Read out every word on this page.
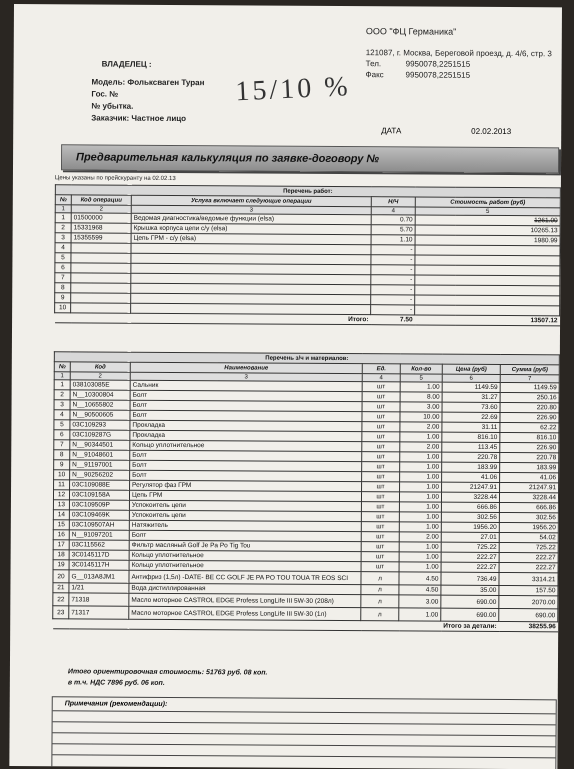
ООО "ФЦ Германика"
121087, г. Москва, Береговой проезд, д. 4/6, стр. 3
Тел.	9950078,2251515
Факс	9950078,2251515
ВЛАДЕЛЕЦ :
Модель: Фольксваген Туран
Гос. №
№ убытка.
Заказчик: Частное лицо
15/10 %
ДАТА	02.02.2013
Предварительная калькуляция по заявке-договору №
Цены указаны по прейскуранту на 02.02.13
Перечень работ:				
№	Код операции	Услуга включает следующие операции	Н/Ч	Стоимость работ (руб)
1	2	3	4	5
1	01500000	Ведомая диагностика/ведомые функции (elsa)	0.70	1261.00
2	15331968	Крышка корпуса цепи с/у (elsa)	5.70	10265.13
3	15355599	Цепь ГРМ - с/у (elsa)	1.10	1980.99
4			-	
5			-	
6			-	
7			-	
8			-	
9			-	
10			-	
Итого:			7.50	13507.12
Перечень з/ч и материалов:						
№	Код	Наименование	Ед.	Кол-во	Цена (руб)	Сумма (руб)
1	2	3	4	5	6	7
1	038103085E	Сальник	шт	1.00	1149.59	1149.59
2	N__10300804	Болт	шт	8.00	31.27	250.16
3	N__10655802	Болт	шт	3.00	73.60	220.80
4	N__90500605	Болт	шт	10.00	22.69	226.90
5	03C109293	Прокладка	шт	2.00	31.11	62.22
6	03C109287G	Прокладка	шт	1.00	816.10	816.10
7	N__90344501	Кольцо уплотнительное	шт	2.00	113.45	226.90
8	N__91048601	Болт	шт	1.00	220.78	220.78
9	N__91197001	Болт	шт	1.00	183.99	183.99
10	N__90256202	Болт	шт	1.00	41.06	41.06
11	03C109088E	Регулятор фаз ГРМ	шт	1.00	21247.91	21247.91
12	03C109158A	Цепь ГРМ	шт	1.00	3228.44	3228.44
13	03C109509P	Успокоитель цепи	шт	1.00	666.86	666.86
14	03C109469K	Успокоитель цепи	шт	1.00	302.56	302.56
15	03C109507AH	Натяжитель	шт	1.00	1956.20	1956.20
16	N__91097201	Болт	шт	2.00	27.01	54.02
17	03C115562	Фильтр масляный Golf Je Pa Po Tig Tou	шт	1.00	725.22	725.22
18	3C0145117D	Кольцо уплотнительное	шт	1.00	222.27	222.27
19	3C0145117H	Кольцо уплотнительное	шт	1.00	222.27	222.27
20	G__013A8JM1	Антифриз (1,5л) -DATE- BE CC GOLF JE PA PO TOU TOUA TR EOS SCI	л	4.50	736.49	3314.21
21	1/21	Вода дистиллированная	л	4.50	35.00	157.50
22	71318	Масло моторное CASTROL EDGE Profess LongLife III 5W-30 (208л)	л	3.00	690.00	2070.00
23	71317	Масло моторное CASTROL EDGE Profess LongLife III 5W-30 (1л)	л	1.00	690.00	690.00
Итого за детали:						38255.96
Итого ориентировочная стоимость: 51763 руб. 08 коп.
в т.ч. НДС 7896 руб. 06 коп.
Примечания (рекомендации):
